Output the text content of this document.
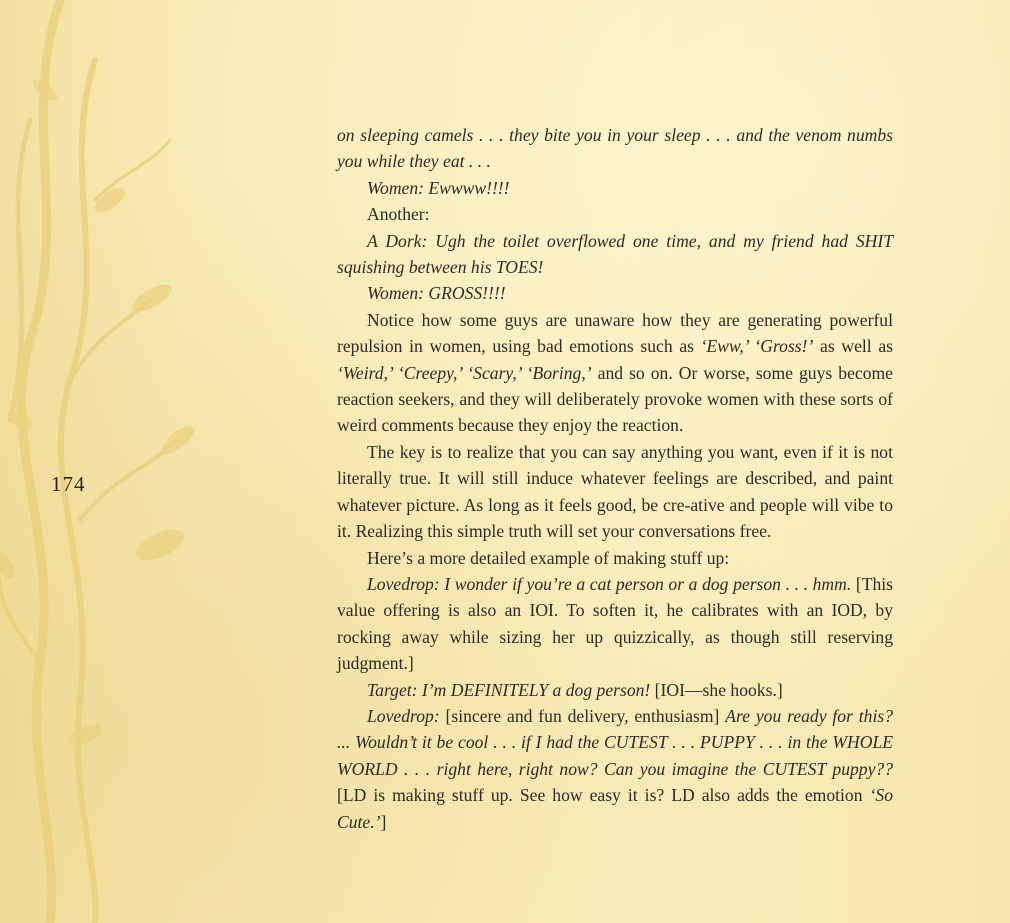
174

on sleeping camels . . . they bite you in your sleep . . . and the venom numbs you while they eat . . .

Women: Ewwww!!!!

Another:

A Dork: Ugh the toilet overflowed one time, and my friend had SHIT squishing between his TOES!

Women: GROSS!!!!

Notice how some guys are unaware how they are generating powerful repulsion in women, using bad emotions such as ‘Eww,’ ‘Gross!’ as well as ‘Weird,’ ‘Creepy,’ ‘Scary,’ ‘Boring,’ and so on. Or worse, some guys become reaction seekers, and they will deliberately provoke women with these sorts of weird comments because they enjoy the reaction.

The key is to realize that you can say anything you want, even if it is not literally true. It will still induce whatever feelings are described, and paint whatever picture. As long as it feels good, be cre-ative and people will vibe to it. Realizing this simple truth will set your conversations free.

Here’s a more detailed example of making stuff up:

Lovedrop: I wonder if you’re a cat person or a dog person . . . hmm. [This value offering is also an IOI. To soften it, he calibrates with an IOD, by rocking away while sizing her up quizzically, as though still reserving judgment.]

Target: I’m DEFINITELY a dog person! [IOI—she hooks.]

Lovedrop: [sincere and fun delivery, enthusiasm] Are you ready for this? ... Wouldn’t it be cool . . . if I had the CUTEST . . . PUPPY . . . in the WHOLE WORLD . . . right here, right now? Can you imagine the CUTEST puppy?? [LD is making stuff up. See how easy it is? LD also adds the emotion ‘So Cute.’]
